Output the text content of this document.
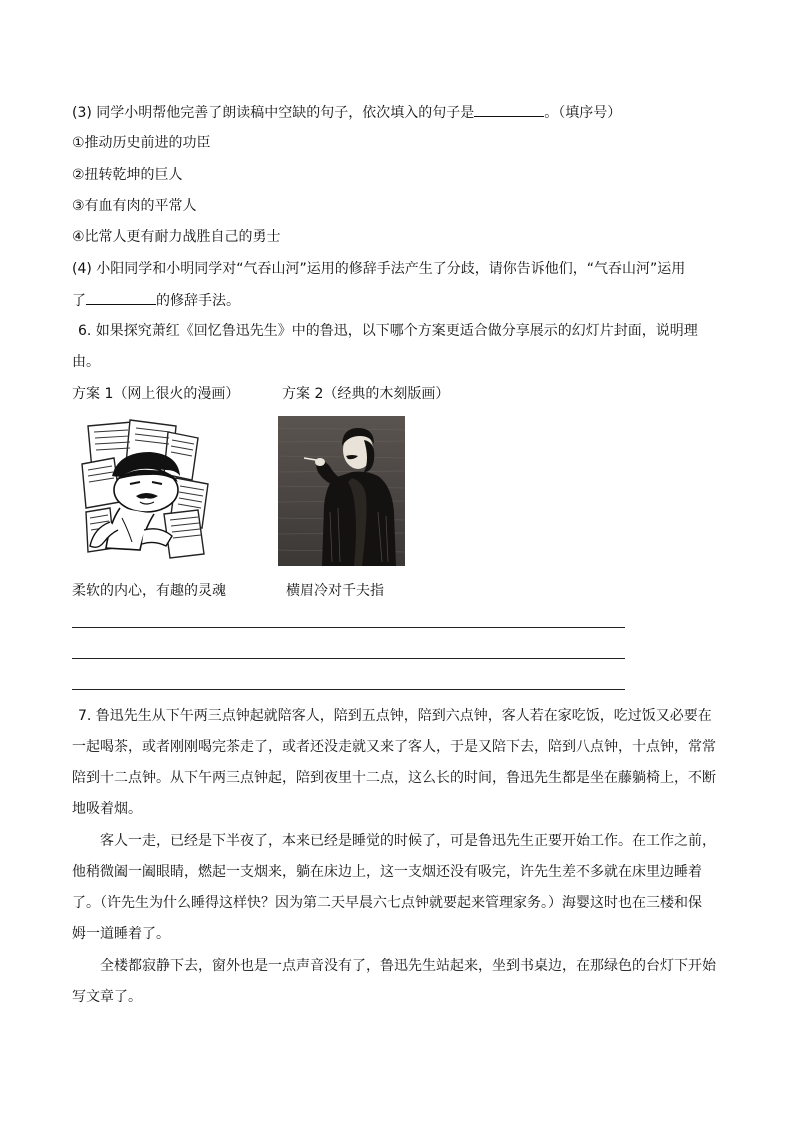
(3) 同学小明帮他完善了朗读稿中空缺的句子，依次填入的句子是	。（填序号）
①推动历史前进的功臣
②扭转乾坤的巨人
③有血有肉的平常人
④比常人更有耐力战胜自己的勇士
(4) 小阳同学和小明同学对“气吞山河”运用的修辞手法产生了分歧，请你告诉他们，“气吞山河”运用
了	的修辞手法。
6. 如果探究萧红《回忆鲁迅先生》中的鲁迅，以下哪个方案更适合做分享展示的幻灯片封面，说明理
由。
方案 1（网上很火的漫画）	方案 2（经典的木刻版画）
柔软的内心，有趣的灵魂	横眉冷对千夫指
7. 鲁迅先生从下午两三点钟起就陪客人，陪到五点钟，陪到六点钟，客人若在家吃饭，吃过饭又必要在
一起喝茶，或者刚刚喝完茶走了，或者还没走就又来了客人，于是又陪下去，陪到八点钟，十点钟，常常
陪到十二点钟。从下午两三点钟起，陪到夜里十二点，这么长的时间，鲁迅先生都是坐在藤躺椅上，不断
地吸着烟。
客人一走，已经是下半夜了，本来已经是睡觉的时候了，可是鲁迅先生正要开始工作。在工作之前，
他稍微阖一阖眼睛，燃起一支烟来，躺在床边上，这一支烟还没有吸完，许先生差不多就在床里边睡着
了。（许先生为什么睡得这样快？因为第二天早晨六七点钟就要起来管理家务。）海婴这时也在三楼和保
姆一道睡着了。
全楼都寂静下去，窗外也是一点声音没有了，鲁迅先生站起来，坐到书桌边，在那绿色的台灯下开始
写文章了。
